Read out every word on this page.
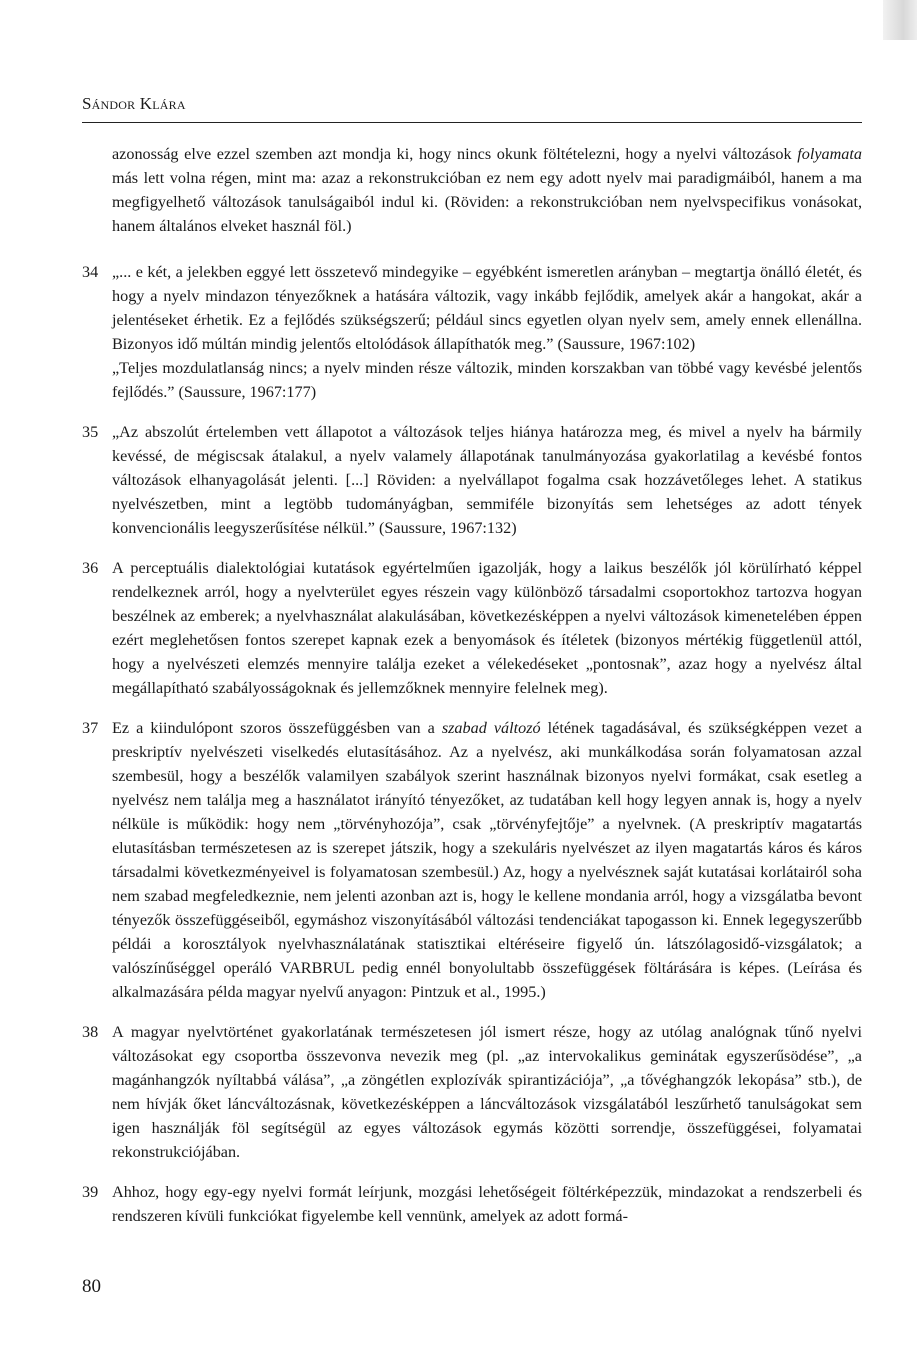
Sándor Klára

azonosság elve ezzel szemben azt mondja ki, hogy nincs okunk föltételezni, hogy a nyelvi változások folyamata más lett volna régen, mint ma: azaz a rekonstrukcióban ez nem egy adott nyelv mai paradigmáiból, hanem a ma megfigyelhető változások tanulságaiból indul ki. (Röviden: a rekonstrukcióban nem nyelvspecifikus vonásokat, hanem általános elveket használ föl.)

34 „... e két, a jelekben eggyé lett összetevő mindegyike – egyébként ismeretlen arányban – megtartja önálló életét, és hogy a nyelv mindazon tényezőknek a hatására változik, vagy inkább fejlődik, amelyek akár a hangokat, akár a jelentéseket érhetik. Ez a fejlődés szükségszerű; például sincs egyetlen olyan nyelv sem, amely ennek ellenállna. Bizonyos idő múltán mindig jelentős eltolódások állapíthatók meg.” (Saussure, 1967:102)

„Teljes mozdulatlanság nincs; a nyelv minden része változik, minden korszakban van többé vagy kevésbé jelentős fejlődés.” (Saussure, 1967:177)

35 „Az abszolút értelemben vett állapotot a változások teljes hiánya határozza meg, és mivel a nyelv ha bármily kevéssé, de mégiscsak átalakul, a nyelv valamely állapotának tanulmányozása gyakorlatilag a kevésbé fontos változások elhanyagolását jelenti. [...] Röviden: a nyelvállapot fogalma csak hozzávetőleges lehet. A statikus nyelvészetben, mint a legtöbb tudományágban, semmiféle bizonyítás sem lehetséges az adott tények konvencionális leegyszerűsítése nélkül.” (Saussure, 1967:132)

36 A perceptuális dialektológiai kutatások egyértelműen igazolják, hogy a laikus beszélők jól körülírható képpel rendelkeznek arról, hogy a nyelvterület egyes részein vagy különböző társadalmi csoportokhoz tartozva hogyan beszélnek az emberek; a nyelvhasználat alakulásában, következésképpen a nyelvi változások kimenetelében éppen ezért meglehetősen fontos szerepet kapnak ezek a benyomások és ítéletek (bizonyos mértékig függetlenül attól, hogy a nyelvészeti elemzés mennyire találja ezeket a vélekedéseket „pontosnak”, azaz hogy a nyelvész által megállapítható szabályosságoknak és jellemzőknek mennyire felelnek meg).

37 Ez a kiindulópont szoros összefüggésben van a szabad változó létének tagadásával, és szükségképpen vezet a preskriptív nyelvészeti viselkedés elutasításához. Az a nyelvész, aki munkálkodása során folyamatosan azzal szembesül, hogy a beszélők valamilyen szabályok szerint használnak bizonyos nyelvi formákat, csak esetleg a nyelvész nem találja meg a használatot irányító tényezőket, az tudatában kell hogy legyen annak is, hogy a nyelv nélküle is működik: hogy nem „törvényhozója”, csak „törvényfejtője” a nyelvnek. (A preskriptív magatartás elutasításban természetesen az is szerepet játszik, hogy a szekuláris nyelvészet az ilyen magatartás káros és káros társadalmi következményeivel is folyamatosan szembesül.) Az, hogy a nyelvésznek saját kutatásai korlátairól soha nem szabad megfeledkeznie, nem jelenti azonban azt is, hogy le kellene mondania arról, hogy a vizsgálatba bevont tényezők összefüggéseiből, egymáshoz viszonyításából változási tendenciákat tapogasson ki. Ennek legegyszerűbb példái a korosztályok nyelvhasználatának statisztikai eltéréseire figyelő ún. látszólagosidő-vizsgálatok; a valószínűséggel operáló VARBRUL pedig ennél bonyolultabb összefüggések föltárására is képes. (Leírása és alkalmazására példa magyar nyelvű anyagon: Pintzuk et al., 1995.)

38 A magyar nyelvtörténet gyakorlatának természetesen jól ismert része, hogy az utólag analógnak tűnő nyelvi változásokat egy csoportba összevonva nevezik meg (pl. „az intervokalikus geminátak egyszerűsödése”, „a magánhangzók nyíltabbá válása”, „a zöngétlen explozívák spirantizációja”, „a tővéghangzók lekopása” stb.), de nem hívják őket láncváltozásnak, következésképpen a láncváltozások vizsgálatából leszűrhető tanulságokat sem igen használják föl segítségül az egyes változások egymás közötti sorrendje, összefüggései, folyamatai rekonstrukciójában.

39 Ahhoz, hogy egy-egy nyelvi formát leírjunk, mozgási lehetőségeit föltérképezzük, mindazokat a rendszerbeli és rendszeren kívüli funkciókat figyelembe kell vennünk, amelyek az adott formá-

80
